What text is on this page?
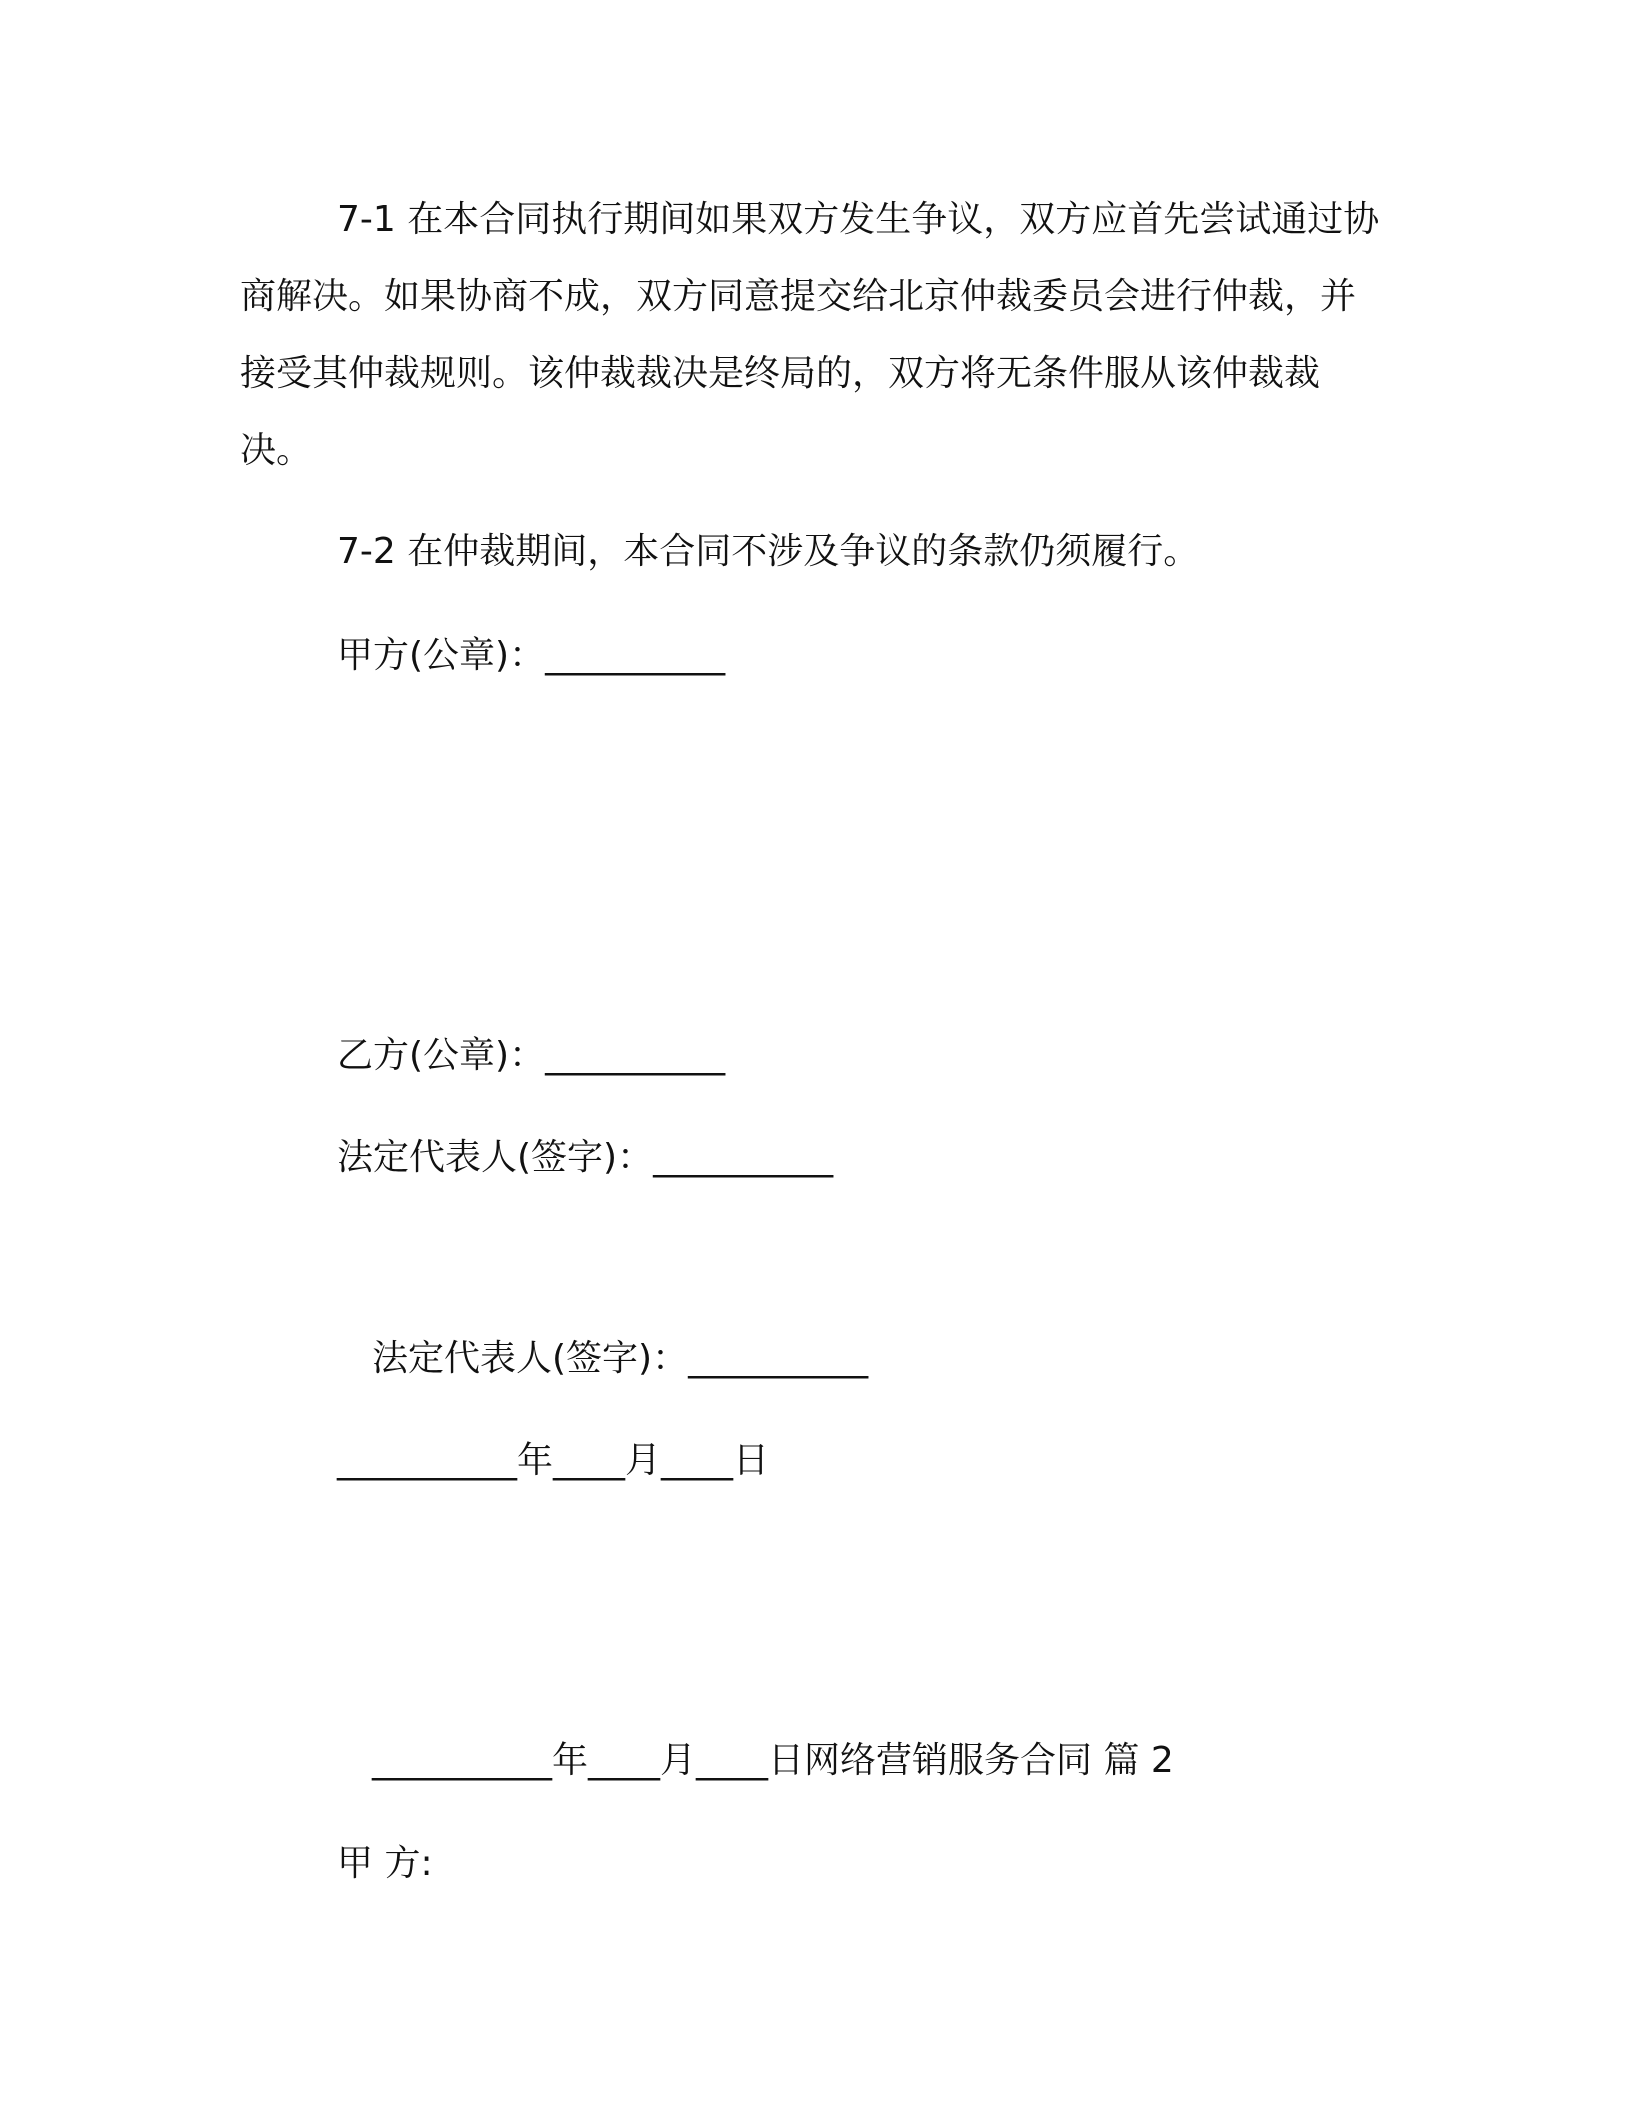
7-1 在本合同执行期间如果双方发生争议，双方应首先尝试通过协商解决。如果协商不成，双方同意提交给北京仲裁委员会进行仲裁，并接受其仲裁规则。该仲裁裁决是终局的，双方将无条件服从该仲裁裁决。
7-2 在仲裁期间，本合同不涉及争议的条款仍须履行。
甲方(公章)：__________
乙方(公章)：__________
法定代表人(签字)：__________
法定代表人(签字)：__________
__________年____月____日
__________年____月____日网络营销服务合同 篇 2
甲 方:
